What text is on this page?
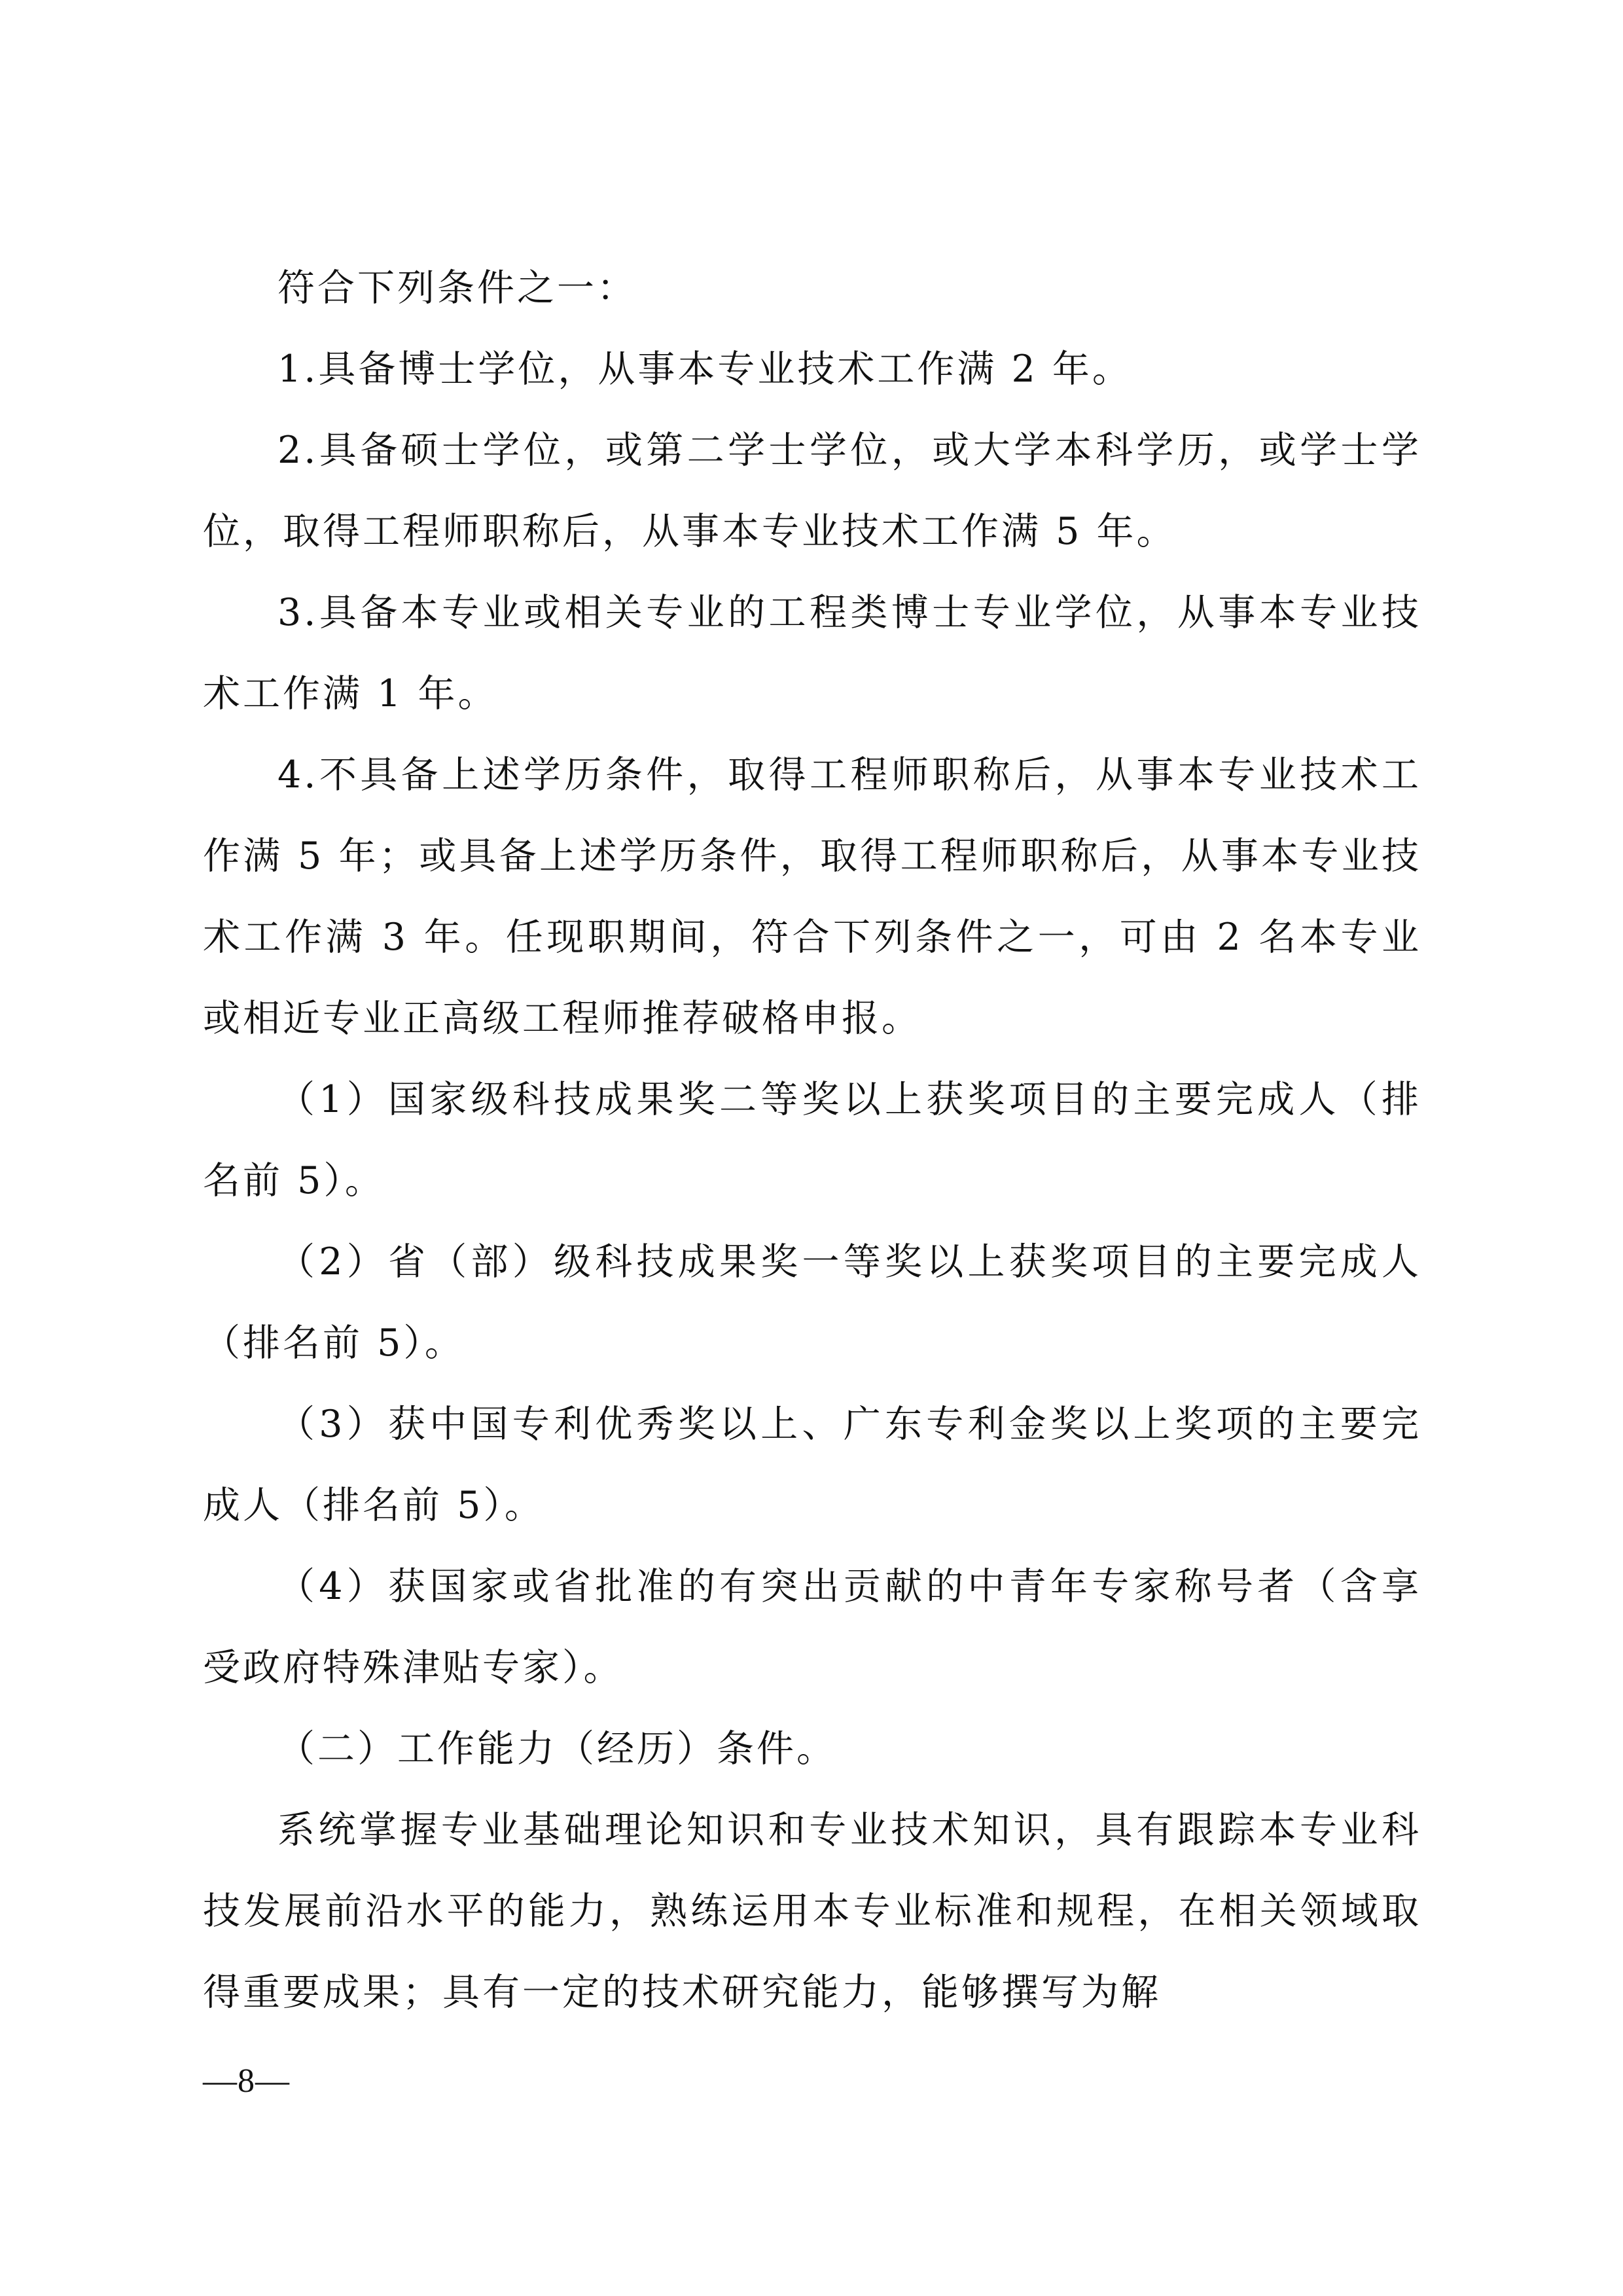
符合下列条件之一：

1.具备博士学位，从事本专业技术工作满 2 年。

2.具备硕士学位，或第二学士学位，或大学本科学历，或学士学位，取得工程师职称后，从事本专业技术工作满 5 年。

3.具备本专业或相关专业的工程类博士专业学位，从事本专业技术工作满 1 年。

4.不具备上述学历条件，取得工程师职称后，从事本专业技术工作满 5 年；或具备上述学历条件，取得工程师职称后，从事本专业技术工作满 3 年。任现职期间，符合下列条件之一，可由 2 名本专业或相近专业正高级工程师推荐破格申报。

（1）国家级科技成果奖二等奖以上获奖项目的主要完成人（排名前 5）。

（2）省（部）级科技成果奖一等奖以上获奖项目的主要完成人（排名前 5）。

（3）获中国专利优秀奖以上、广东专利金奖以上奖项的主要完成人（排名前 5）。

（4）获国家或省批准的有突出贡献的中青年专家称号者（含享受政府特殊津贴专家）。

（二）工作能力（经历）条件。

系统掌握专业基础理论知识和专业技术知识，具有跟踪本专业科技发展前沿水平的能力，熟练运用本专业标准和规程，在相关领域取得重要成果；具有一定的技术研究能力，能够撰写为解

—8—
